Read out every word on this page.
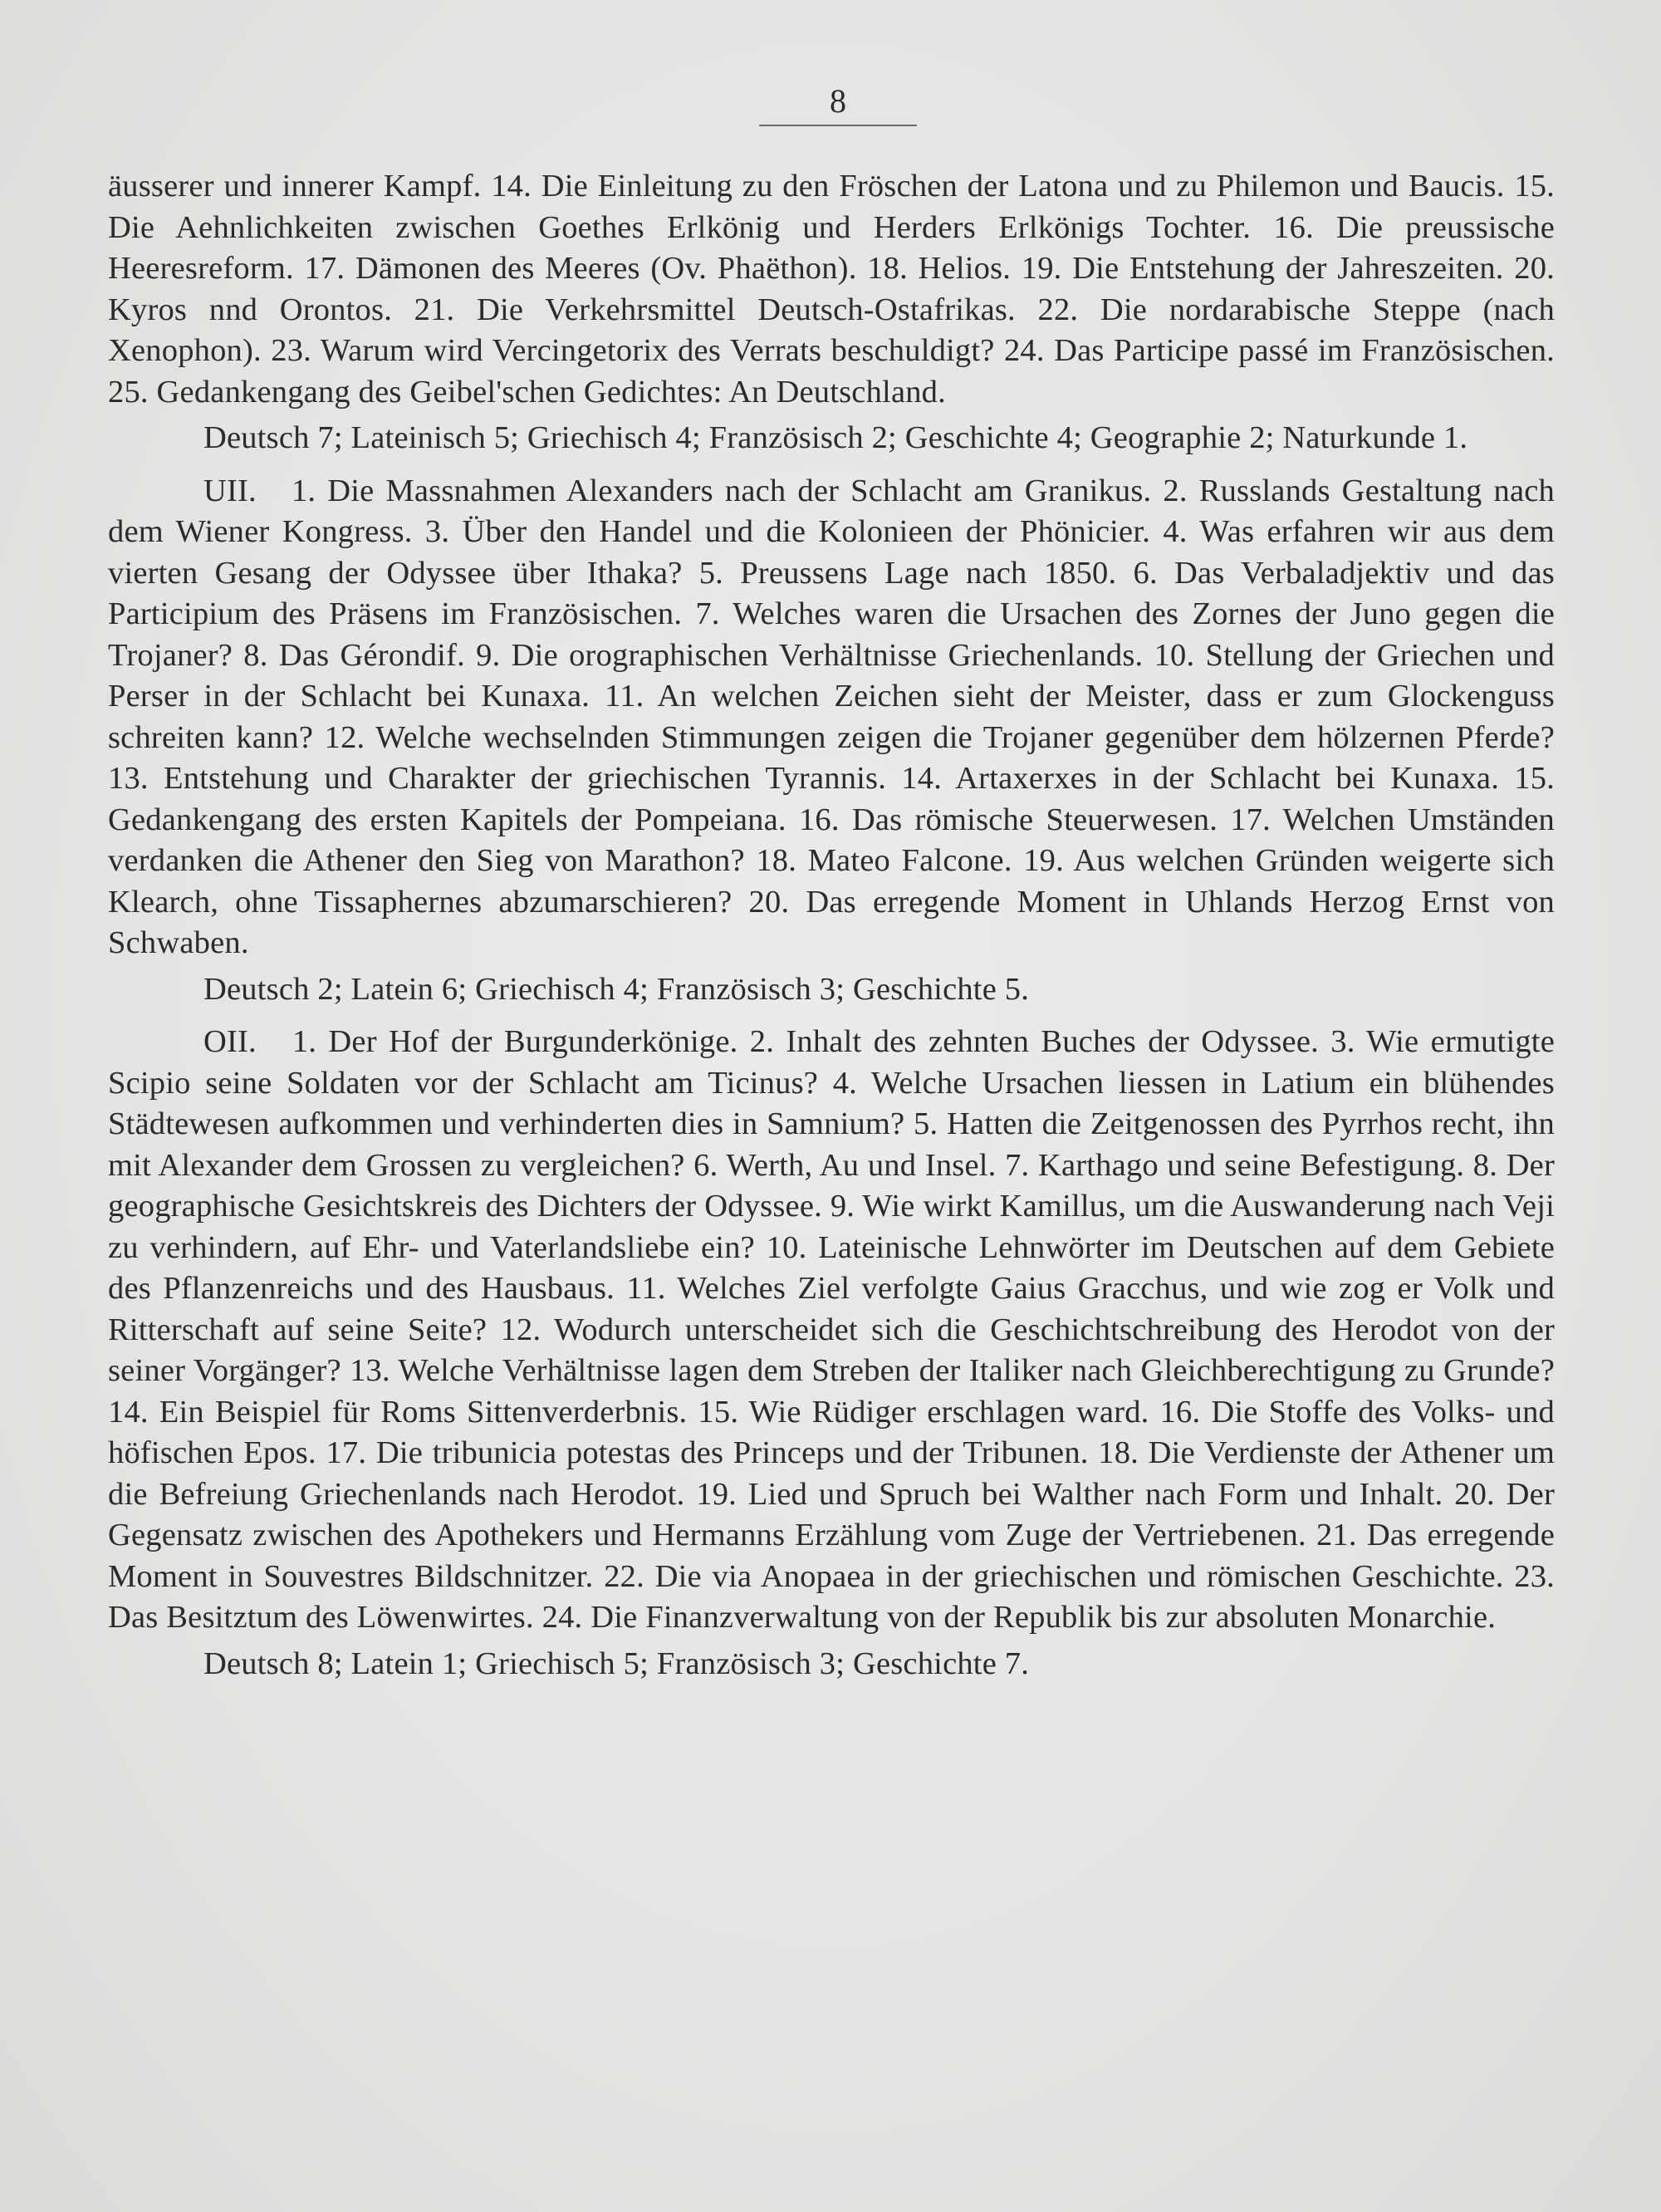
8

äusserer und innerer Kampf. 14. Die Einleitung zu den Fröschen der Latona und zu Philemon und Baucis. 15. Die Aehnlichkeiten zwischen Goethes Erlkönig und Herders Erlkönigs Tochter. 16. Die preussische Heeresreform. 17. Dämonen des Meeres (Ov. Phaëthon). 18. Helios. 19. Die Entstehung der Jahreszeiten. 20. Kyros nnd Orontos. 21. Die Verkehrsmittel Deutsch-Ostafrikas. 22. Die nordarabische Steppe (nach Xenophon). 23. Warum wird Vercingetorix des Verrats beschuldigt? 24. Das Participe passé im Französischen. 25. Gedankengang des Geibel'schen Gedichtes: An Deutschland.

Deutsch 7; Lateinisch 5; Griechisch 4; Französisch 2; Geschichte 4; Geographie 2; Naturkunde 1.

UII. 1. Die Massnahmen Alexanders nach der Schlacht am Granikus. 2. Russlands Gestaltung nach dem Wiener Kongress. 3. Über den Handel und die Kolonieen der Phönicier. 4. Was erfahren wir aus dem vierten Gesang der Odyssee über Ithaka? 5. Preussens Lage nach 1850. 6. Das Verbaladjektiv und das Participium des Präsens im Französischen. 7. Welches waren die Ursachen des Zornes der Juno gegen die Trojaner? 8. Das Gérondif. 9. Die orographischen Verhältnisse Griechenlands. 10. Stellung der Griechen und Perser in der Schlacht bei Kunaxa. 11. An welchen Zeichen sieht der Meister, dass er zum Glockenguss schreiten kann? 12. Welche wechselnden Stimmungen zeigen die Trojaner gegenüber dem hölzernen Pferde? 13. Entstehung und Charakter der griechischen Tyrannis. 14. Artaxerxes in der Schlacht bei Kunaxa. 15. Gedankengang des ersten Kapitels der Pompeiana. 16. Das römische Steuerwesen. 17. Welchen Umständen verdanken die Athener den Sieg von Marathon? 18. Mateo Falcone. 19. Aus welchen Gründen weigerte sich Klearch, ohne Tissaphernes abzumarschieren? 20. Das erregende Moment in Uhlands Herzog Ernst von Schwaben.

Deutsch 2; Latein 6; Griechisch 4; Französisch 3; Geschichte 5.

OII. 1. Der Hof der Burgunderkönige. 2. Inhalt des zehnten Buches der Odyssee. 3. Wie ermutigte Scipio seine Soldaten vor der Schlacht am Ticinus? 4. Welche Ursachen liessen in Latium ein blühendes Städtewesen aufkommen und verhinderten dies in Samnium? 5. Hatten die Zeitgenossen des Pyrrhos recht, ihn mit Alexander dem Grossen zu vergleichen? 6. Werth, Au und Insel. 7. Karthago und seine Befestigung. 8. Der geographische Gesichtskreis des Dichters der Odyssee. 9. Wie wirkt Kamillus, um die Auswanderung nach Veji zu verhindern, auf Ehr- und Vaterlandsliebe ein? 10. Lateinische Lehnwörter im Deutschen auf dem Gebiete des Pflanzenreichs und des Hausbaus. 11. Welches Ziel verfolgte Gaius Gracchus, und wie zog er Volk und Ritterschaft auf seine Seite? 12. Wodurch unterscheidet sich die Geschichtschreibung des Herodot von der seiner Vorgänger? 13. Welche Verhältnisse lagen dem Streben der Italiker nach Gleichberechtigung zu Grunde? 14. Ein Beispiel für Roms Sittenverderbnis. 15. Wie Rüdiger erschlagen ward. 16. Die Stoffe des Volks- und höfischen Epos. 17. Die tribunicia potestas des Princeps und der Tribunen. 18. Die Verdienste der Athener um die Befreiung Griechenlands nach Herodot. 19. Lied und Spruch bei Walther nach Form und Inhalt. 20. Der Gegensatz zwischen des Apothekers und Hermanns Erzählung vom Zuge der Vertriebenen. 21. Das erregende Moment in Souvestres Bildschnitzer. 22. Die via Anopaea in der griechischen und römischen Geschichte. 23. Das Besitztum des Löwenwirtes. 24. Die Finanzverwaltung von der Republik bis zur absoluten Monarchie.

Deutsch 8; Latein 1; Griechisch 5; Französisch 3; Geschichte 7.
